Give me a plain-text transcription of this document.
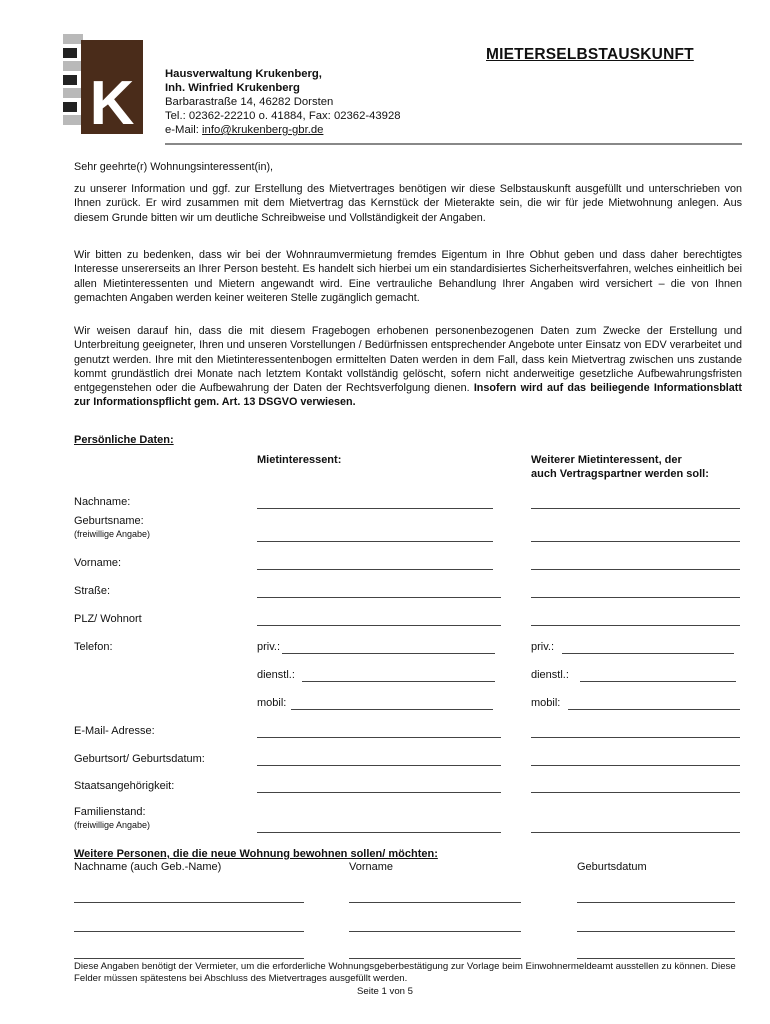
K
MIETERSELBSTAUSKUNFT
Hausverwaltung Krukenberg,
Inh. Winfried Krukenberg
Barbarastraße 14, 46282 Dorsten
Tel.: 02362-22210 o. 41884, Fax: 02362-43928
e-Mail: info@krukenberg-gbr.de
Sehr geehrte(r) Wohnungsinteressent(in),
zu unserer Information und ggf. zur Erstellung des Mietvertrages benötigen wir diese Selbstauskunft ausgefüllt und unterschrieben von Ihnen zurück. Er wird zusammen mit dem Mietvertrag das Kernstück der Mieterakte sein, die wir für jede Mietwohnung anlegen. Aus diesem Grunde bitten wir um deutliche Schreibweise und Vollständigkeit der Angaben.
Wir bitten zu bedenken, dass wir bei der Wohnraumvermietung fremdes Eigentum in Ihre Obhut geben und dass daher berechtigtes Interesse unsererseits an Ihrer Person besteht. Es handelt sich hierbei um ein standardisiertes Sicherheitsverfahren, welches einheitlich bei allen Mietinteressenten und Mietern angewandt wird. Eine vertrauliche Behandlung Ihrer Angaben wird versichert – die von Ihnen gemachten Angaben werden keiner weiteren Stelle zugänglich gemacht.
Wir weisen darauf hin, dass die mit diesem Fragebogen erhobenen personenbezogenen Daten zum Zwecke der Erstellung und Unterbreitung geeigneter, Ihren und unseren Vorstellungen / Bedürfnissen entsprechender Angebote unter Einsatz von EDV verarbeitet und genutzt werden. Ihre mit den Mietinteressentenbogen ermittelten Daten werden in dem Fall, dass kein Mietvertrag zwischen uns zustande kommt grundästlich drei Monate nach letztem Kontakt vollständig gelöscht, sofern nicht anderweitige gesetzliche Aufbewahrungsfristen entgegenstehen oder die Aufbewahrung der Daten der Rechtsverfolgung dienen. Insofern wird auf das beiliegende Informationsblatt zur Informationspflicht gem. Art. 13 DSGVO verwiesen.
Persönliche Daten:
Mietinteressent:	Weiterer Mietinteressent, der
auch Vertragspartner werden soll:
Nachname:
Geburtsname:
(freiwillige Angabe)
Vorname:
Straße:
PLZ/ Wohnort
Telefon:	priv.:	priv.:
dienstl.:	dienstl.:
mobil:	mobil:
E-Mail- Adresse:
Geburtsort/ Geburtsdatum:
Staatsangehörigkeit:
Familienstand:
(freiwillige Angabe)
Weitere Personen, die die neue Wohnung bewohnen sollen/ möchten:
Nachname (auch Geb.-Name)	Vorname	Geburtsdatum
Diese Angaben benötigt der Vermieter, um die erforderliche Wohnungsgeberbestätigung zur Vorlage beim Einwohnermeldeamt ausstellen zu können. Diese Felder müssen spätestens bei Abschluss des Mietvertrages ausgefüllt werden.
Seite 1 von 5
